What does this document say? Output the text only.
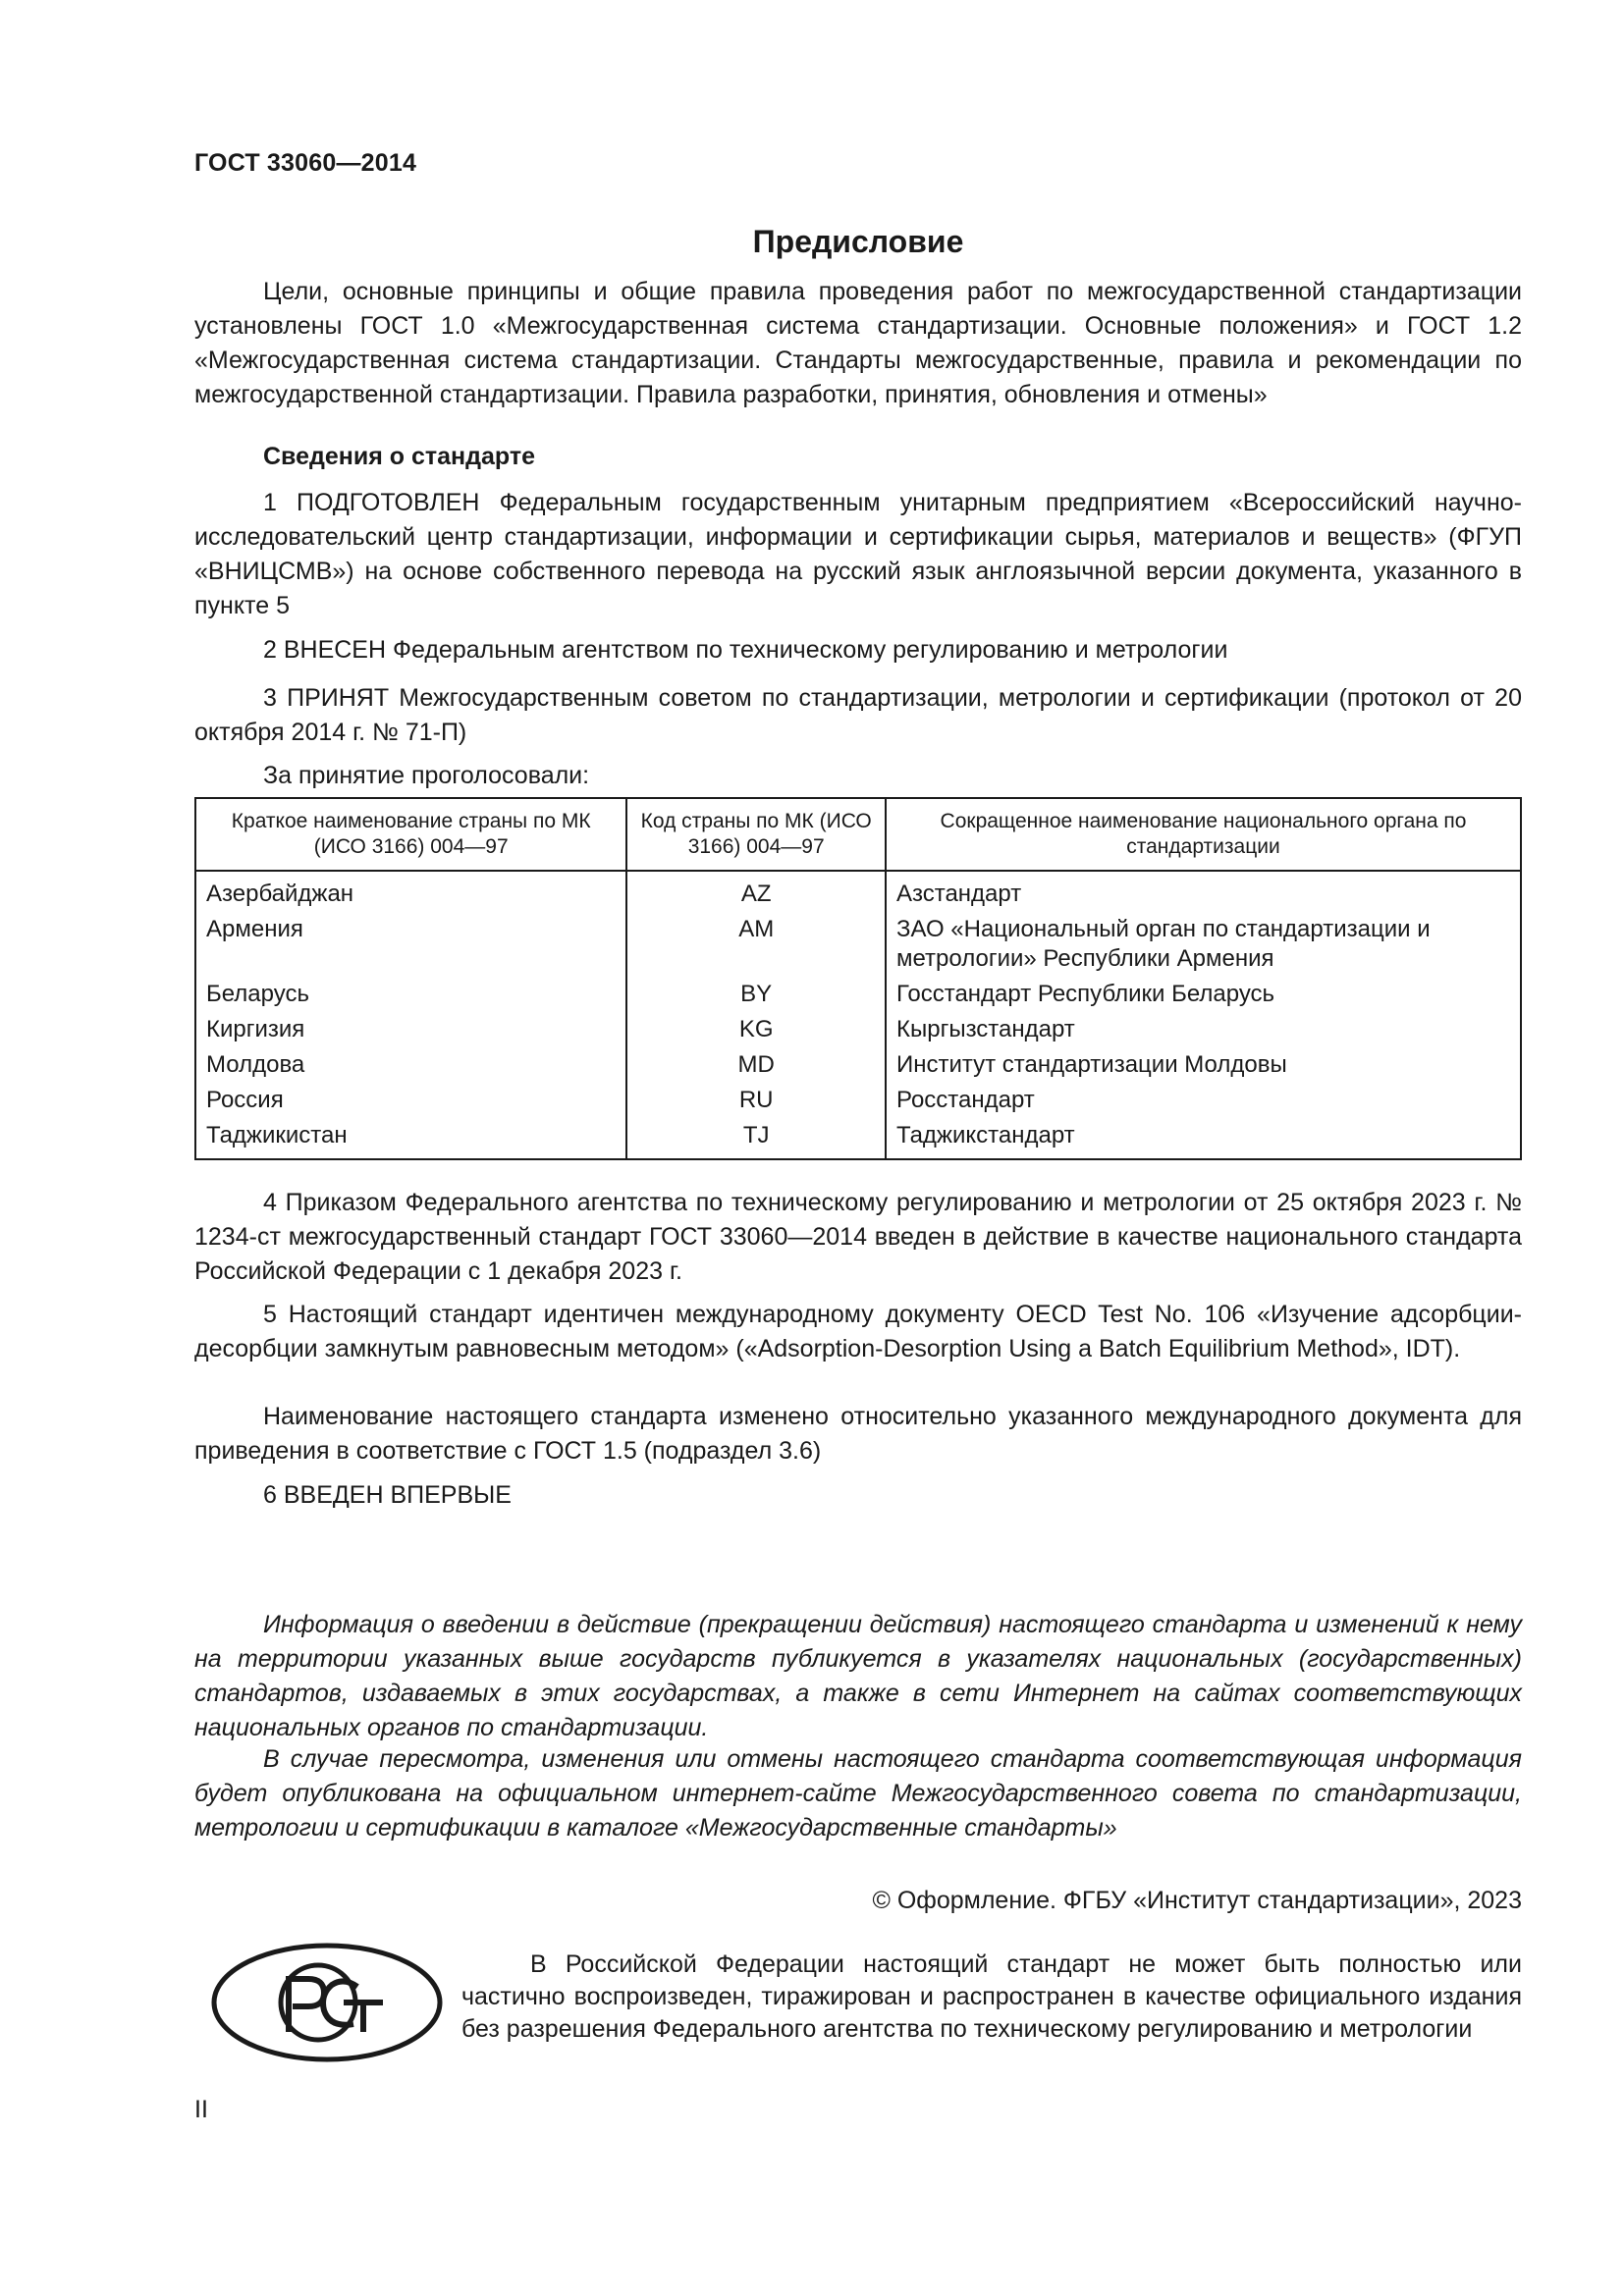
ГОСТ 33060—2014
Предисловие

Цели, основные принципы и общие правила проведения работ по межгосударственной стандартизации установлены ГОСТ 1.0 «Межгосударственная система стандартизации. Основные положения» и ГОСТ 1.2 «Межгосударственная система стандартизации. Стандарты межгосударственные, правила и рекомендации по межгосударственной стандартизации. Правила разработки, принятия, обновления и отмены»

Сведения о стандарте

1 ПОДГОТОВЛЕН Федеральным государственным унитарным предприятием «Всероссийский научно-исследовательский центр стандартизации, информации и сертификации сырья, материалов и веществ» (ФГУП «ВНИЦСМВ») на основе собственного перевода на русский язык англоязычной версии документа, указанного в пункте 5

2 ВНЕСЕН Федеральным агентством по техническому регулированию и метрологии

3 ПРИНЯТ Межгосударственным советом по стандартизации, метрологии и сертификации (протокол от 20 октября 2014 г. № 71-П)

За принятие проголосовали:

Краткое наименование страны по МК (ИСО 3166) 004—97	Код страны по МК (ИСО 3166) 004—97	Сокращенное наименование национального органа по стандартизации
Азербайджан	AZ	Азстандарт
Армения	AM	ЗАО «Национальный орган по стандартизации и метрологии» Республики Армения
Беларусь	BY	Госстандарт Республики Беларусь
Киргизия	KG	Кыргызстандарт
Молдова	MD	Институт стандартизации Молдовы
Россия	RU	Росстандарт
Таджикистан	TJ	Таджикстандарт

4 Приказом Федерального агентства по техническому регулированию и метрологии от 25 октября 2023 г. № 1234-ст межгосударственный стандарт ГОСТ 33060—2014 введен в действие в качестве национального стандарта Российской Федерации с 1 декабря 2023 г.

5 Настоящий стандарт идентичен международному документу OECD Test No. 106 «Изучение адсорбции-десорбции замкнутым равновесным методом» («Adsorption-Desorption Using a Batch Equilibrium Method», IDT).

Наименование настоящего стандарта изменено относительно указанного международного документа для приведения в соответствие с ГОСТ 1.5 (подраздел 3.6)

6 ВВЕДЕН ВПЕРВЫЕ

Информация о введении в действие (прекращении действия) настоящего стандарта и изменений к нему на территории указанных выше государств публикуется в указателях национальных (государственных) стандартов, издаваемых в этих государствах, а также в сети Интернет на сайтах соответствующих национальных органов по стандартизации.

В случае пересмотра, изменения или отмены настоящего стандарта соответствующая информация будет опубликована на официальном интернет-сайте Межгосударственного совета по стандартизации, метрологии и сертификации в каталоге «Межгосударственные стандарты»

© Оформление. ФГБУ «Институт стандартизации», 2023

В Российской Федерации настоящий стандарт не может быть полностью или частично воспроизведен, тиражирован и распространен в качестве официального издания без разрешения Федерального агентства по техническому регулированию и метрологии

II
